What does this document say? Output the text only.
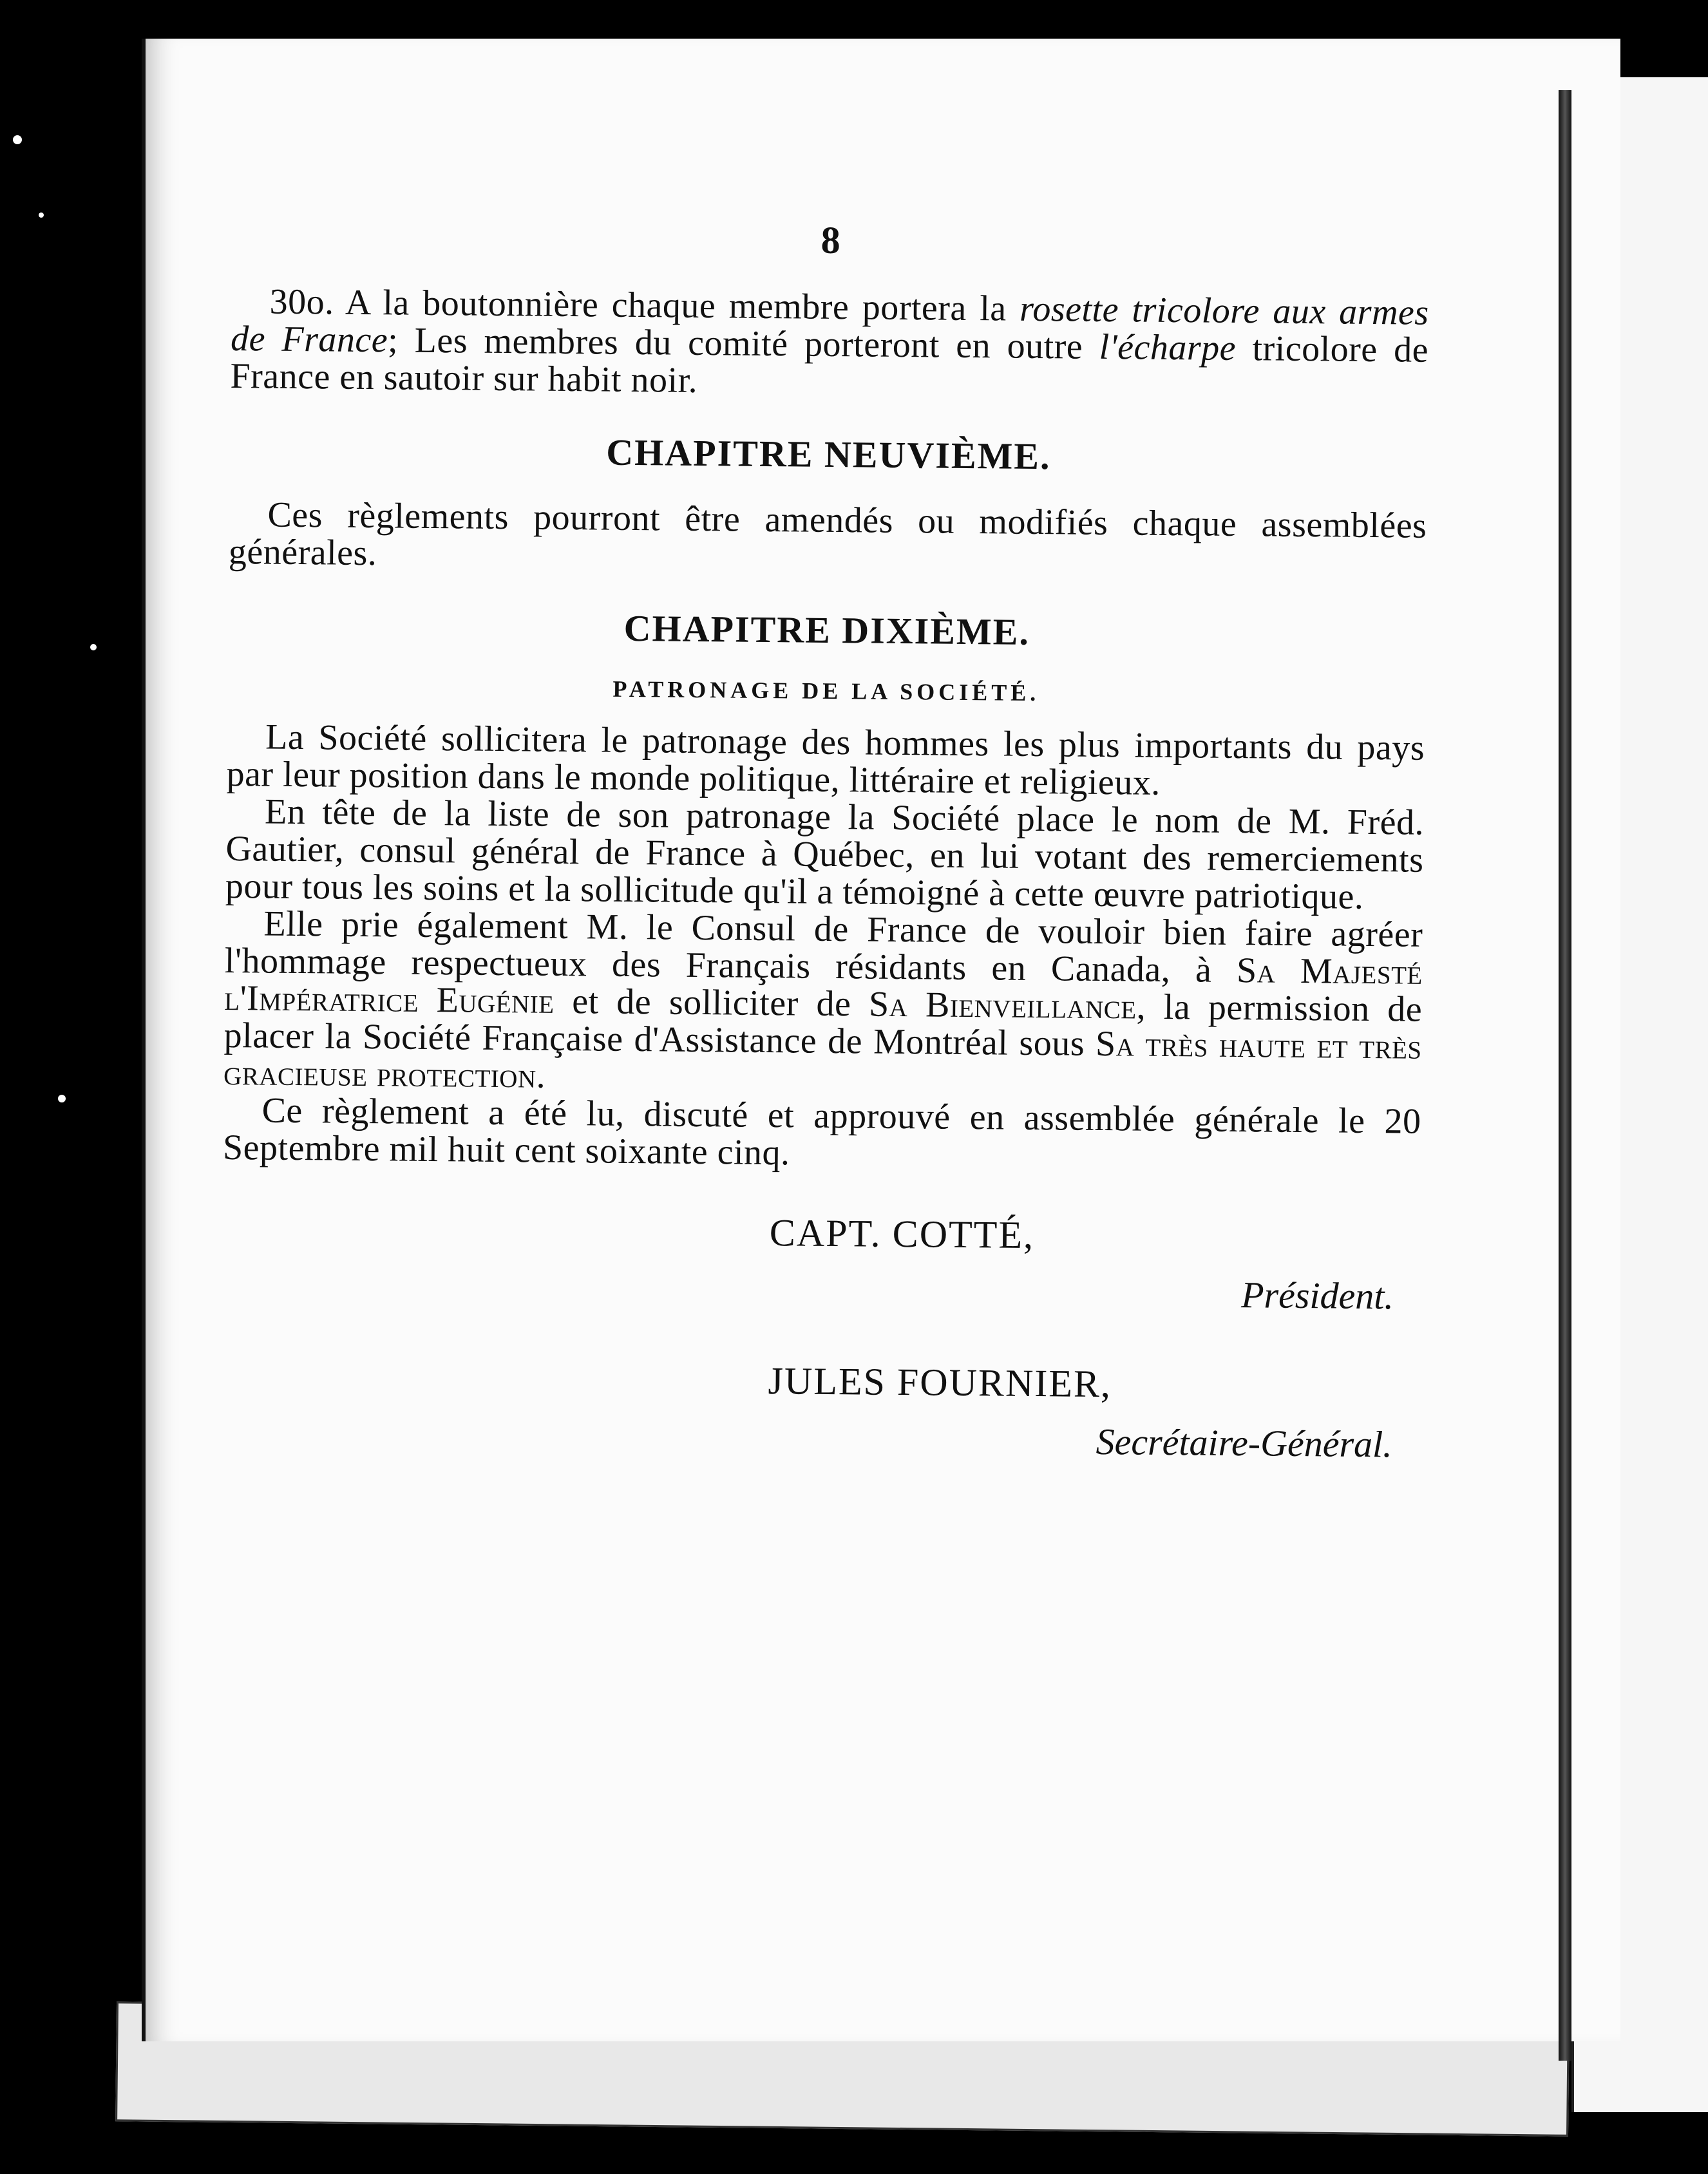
8

30o. A la boutonnière chaque membre portera la rosette tricolore aux armes de France; Les membres du comité porteront en outre l'écharpe tricolore de France en sautoir sur habit noir.

CHAPITRE NEUVIÈME.

Ces règlements pourront être amendés ou modifiés chaque assemblées générales.

CHAPITRE DIXIÈME.
PATRONAGE DE LA SOCIÉTÉ.

La Société sollicitera le patronage des hommes les plus importants du pays par leur position dans le monde politique, littéraire et religieux.

En tête de la liste de son patronage la Société place le nom de M. Fréd. Gautier, consul général de France à Québec, en lui votant des remerciements pour tous les soins et la sollicitude qu'il a témoigné à cette œuvre patriotique.

Elle prie également M. le Consul de France de vouloir bien faire agréer l'hommage respectueux des Français résidants en Canada, à Sa Majesté l'Impératrice Eugénie et de solliciter de Sa Bienveillance, la permission de placer la Société Française d'Assistance de Montréal sous Sa très haute et très gracieuse protection.

Ce règlement a été lu, discuté et approuvé en assemblée générale le 20 Septembre mil huit cent soixante cinq.

CAPT. COTTÉ,
Président.
JULES FOURNIER,
Secrétaire-Général.
